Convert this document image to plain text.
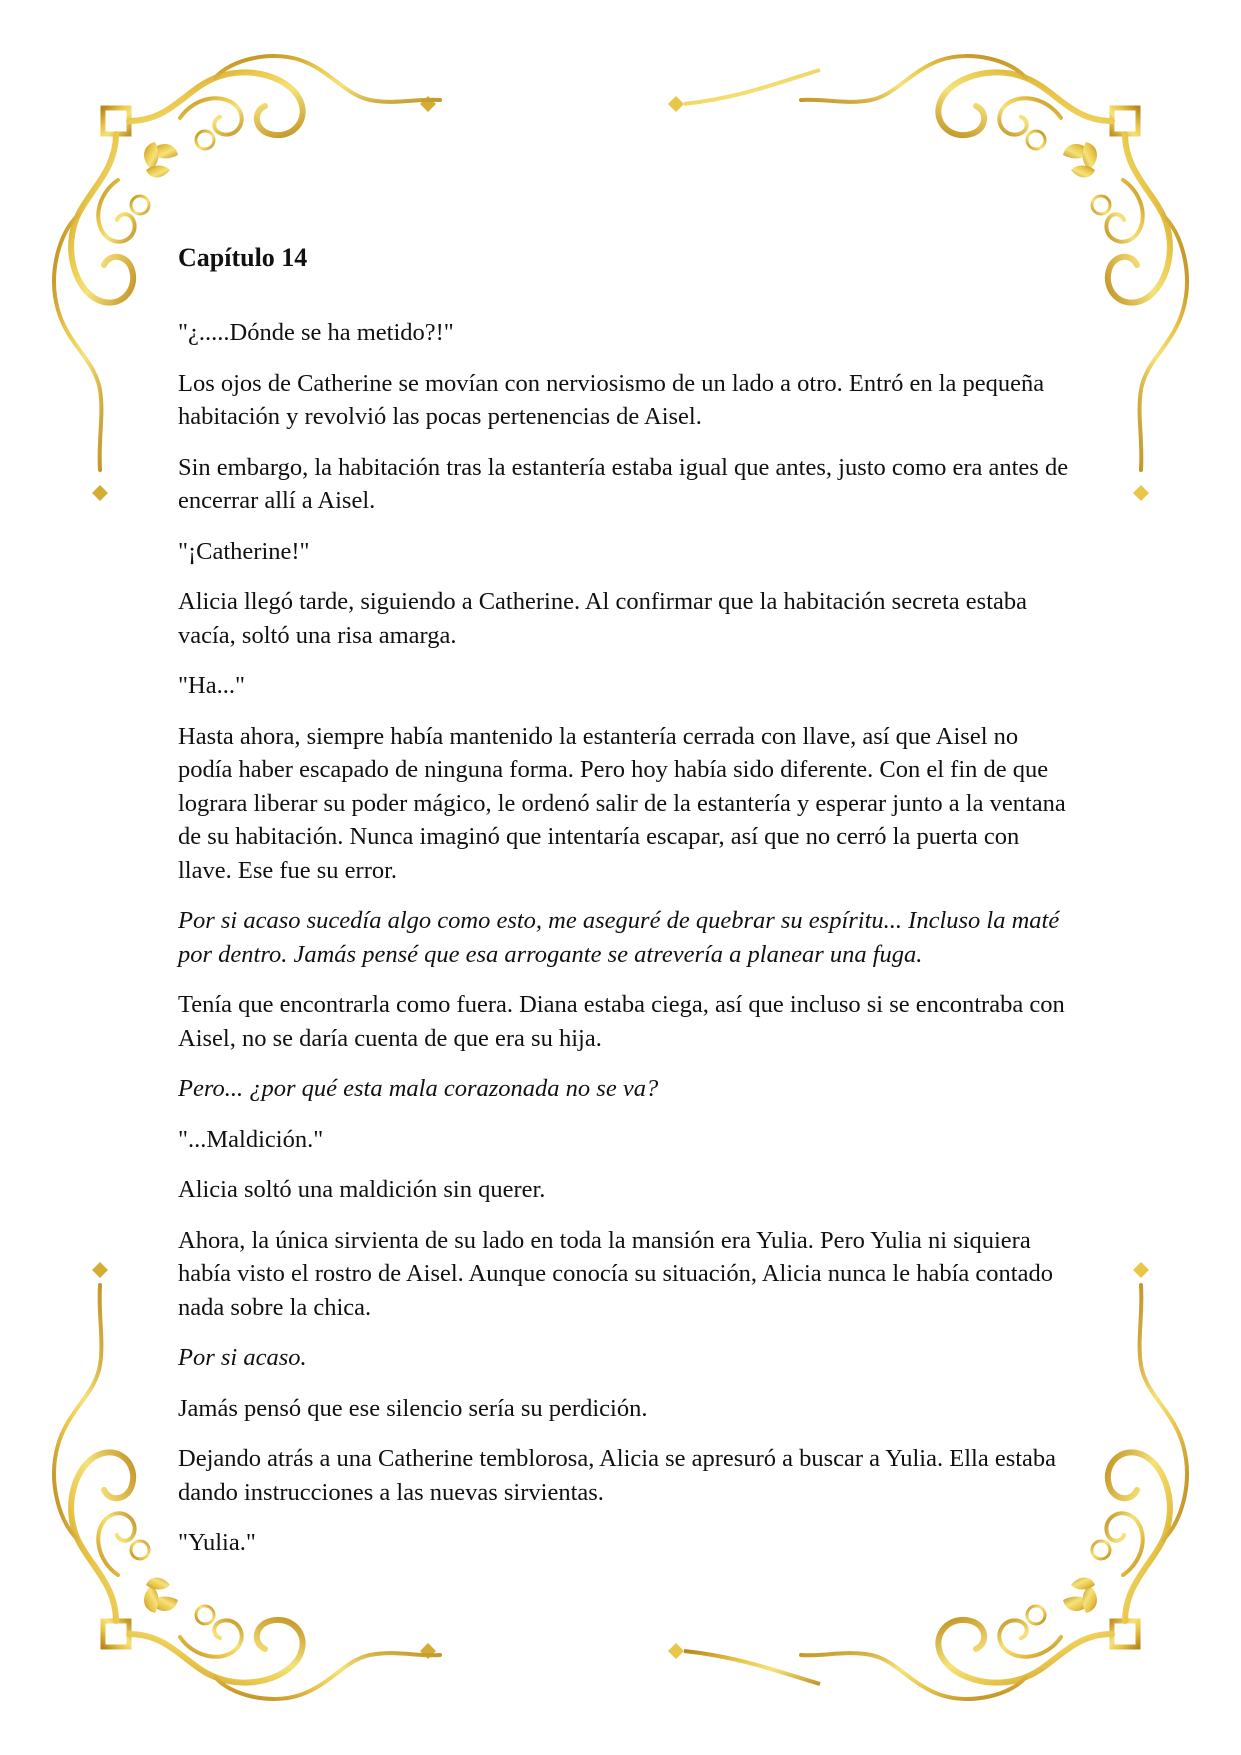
Capítulo 14

"¿.....Dónde se ha metido?!"

Los ojos de Catherine se movían con nerviosismo de un lado a otro. Entró en la pequeña habitación y revolvió las pocas pertenencias de Aisel.

Sin embargo, la habitación tras la estantería estaba igual que antes, justo como era antes de encerrar allí a Aisel.

"¡Catherine!"

Alicia llegó tarde, siguiendo a Catherine. Al confirmar que la habitación secreta estaba vacía, soltó una risa amarga.

"Ha..."

Hasta ahora, siempre había mantenido la estantería cerrada con llave, así que Aisel no podía haber escapado de ninguna forma. Pero hoy había sido diferente. Con el fin de que lograra liberar su poder mágico, le ordenó salir de la estantería y esperar junto a la ventana de su habitación. Nunca imaginó que intentaría escapar, así que no cerró la puerta con llave. Ese fue su error.

Por si acaso sucedía algo como esto, me aseguré de quebrar su espíritu... Incluso la maté por dentro. Jamás pensé que esa arrogante se atrevería a planear una fuga.

Tenía que encontrarla como fuera. Diana estaba ciega, así que incluso si se encontraba con Aisel, no se daría cuenta de que era su hija.

Pero... ¿por qué esta mala corazonada no se va?

"...Maldición."

Alicia soltó una maldición sin querer.

Ahora, la única sirvienta de su lado en toda la mansión era Yulia. Pero Yulia ni siquiera había visto el rostro de Aisel. Aunque conocía su situación, Alicia nunca le había contado nada sobre la chica.

Por si acaso.

Jamás pensó que ese silencio sería su perdición.

Dejando atrás a una Catherine temblorosa, Alicia se apresuró a buscar a Yulia. Ella estaba dando instrucciones a las nuevas sirvientas.

"Yulia."
